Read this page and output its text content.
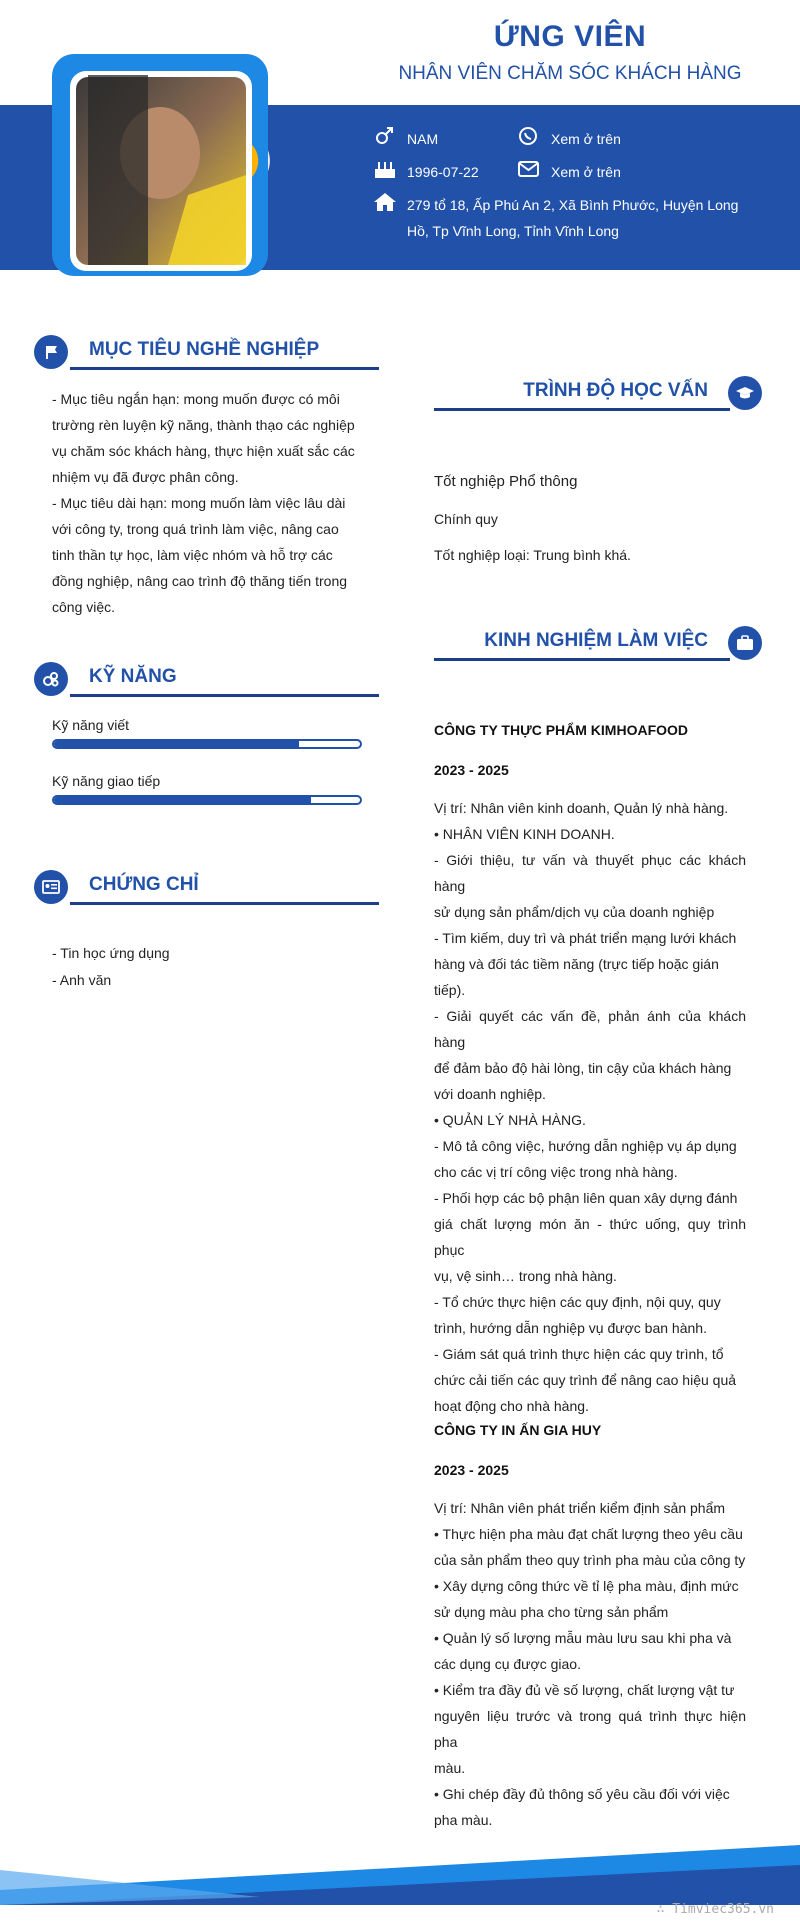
ỨNG VIÊN
NHÂN VIÊN CHĂM SÓC KHÁCH HÀNG
NAM	Xem ở trên
1996-07-22	Xem ở trên
279 tổ 18, Ấp Phú An 2, Xã Bình Phước, Huyện Long
Hồ, Tp Vĩnh Long, Tỉnh Vĩnh Long
MỤC TIÊU NGHỀ NGHIỆP
- Mục tiêu ngắn hạn: mong muốn được có môi
trường rèn luyện kỹ năng, thành thạo các nghiệp
vụ chăm sóc khách hàng, thực hiện xuất sắc các
nhiệm vụ đã được phân công.
- Mục tiêu dài hạn: mong muốn làm việc lâu dài
với công ty, trong quá trình làm việc, nâng cao
tinh thần tự học, làm việc nhóm và hỗ trợ các
đồng nghiệp, nâng cao trình độ thăng tiến trong
công việc.
KỸ NĂNG
Kỹ năng viết
Kỹ năng giao tiếp
CHỨNG CHỈ
- Tin học ứng dụng
- Anh văn
TRÌNH ĐỘ HỌC VẤN
Tốt nghiệp Phổ thông
Chính quy
Tốt nghiệp loại: Trung bình khá.
KINH NGHIỆM LÀM VIỆC
CÔNG TY THỰC PHẨM KIMHOAFOOD
2023 - 2025
Vị trí: Nhân viên kinh doanh, Quản lý nhà hàng.
• NHÂN VIÊN KINH DOANH.
- Giới thiệu, tư vấn và thuyết phục các khách hàng
sử dụng sản phẩm/dịch vụ của doanh nghiệp
- Tìm kiếm, duy trì và phát triển mạng lưới khách
hàng và đối tác tiềm năng (trực tiếp hoặc gián
tiếp).
- Giải quyết các vấn đề, phản ánh của khách hàng
để đảm bảo độ hài lòng, tin cậy của khách hàng
với doanh nghiệp.
• QUẢN LÝ NHÀ HÀNG.
- Mô tả công việc, hướng dẫn nghiệp vụ áp dụng
cho các vị trí công việc trong nhà hàng.
- Phối hợp các bộ phận liên quan xây dựng đánh
giá chất lượng món ăn - thức uống, quy trình phục
vụ, vệ sinh… trong nhà hàng.
- Tổ chức thực hiện các quy định, nội quy, quy
trình, hướng dẫn nghiệp vụ được ban hành.
- Giám sát quá trình thực hiện các quy trình, tổ
chức cải tiến các quy trình để nâng cao hiệu quả
hoạt động cho nhà hàng.
CÔNG TY IN ẤN GIA HUY
2023 - 2025
Vị trí: Nhân viên phát triển kiểm định sản phẩm
• Thực hiện pha màu đạt chất lượng theo yêu cầu
của sản phẩm theo quy trình pha màu của công ty
• Xây dựng công thức về tỉ lệ pha màu, định mức
sử dụng màu pha cho từng sản phẩm
• Quản lý số lượng mẫu màu lưu sau khi pha và
các dụng cụ được giao.
• Kiểm tra đầy đủ về số lượng, chất lượng vật tư
nguyên liệu trước và trong quá trình thực hiện pha
màu.
• Ghi chép đầy đủ thông số yêu cầu đối với việc
pha màu.
∴ Timviec365.vn
